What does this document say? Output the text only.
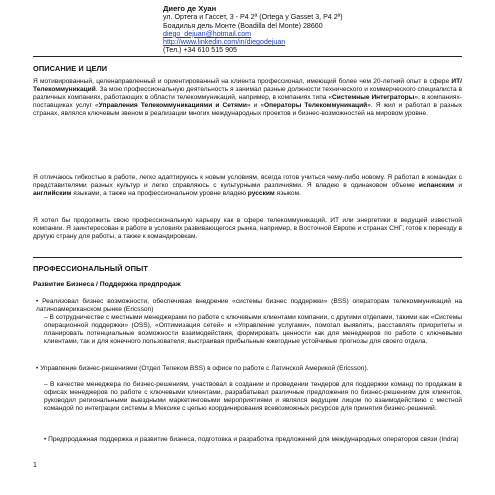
Диего де Хуан
ул. Ортега и Гассет, 3 - Р4 2ª (Ortega y Gasset 3, P4 2ª)
Боадилья дель Монте (Boadilla del Monte) 28660
diego_dejuan@hotmail.com
http://www.linkedin.com/in/diegodejuan
(Тел.) +34 610 515 905
ОПИСАНИЕ И ЦЕЛИ
Я мотивированный, целенаправленный и ориентированный на клиента профессионал, имеющий более чем 20-летний опыт в сфере ИТ/Телекоммуникаций. За мою профессиональную деятельность я занимал разные должности технического и коммерческого специалиста в различных компаниях, работающих в области телекоммуникаций, например, в компаниях типа «Системные Интеграторы», в компаниях-поставщиках услуг «Управления Телекоммуникациями и Сетями» и «Операторы Телекоммуникаций». Я жил и работал в разных странах, являлся ключевым звеном в реализации многих международных проектов и бизнес-возможностей на мировом уровне.
Я отличаюсь гибкостью в работе, легко адаптируюсь к новым условиям, всегда готов учиться чему-либо новому. Я работал в командах с представителями разных культур и легко справляюсь с культурными различиями. Я владею в одинаковом объеме испанским и английским языками, а также на профессиональном уровне владею русским языком.
Я хотел бы продолжить свою профессиональную карьеру как в сфере телекоммуникаций, ИТ или энергетики в ведущей известной компании. Я заинтересован в работе в условиях развивающегося рынка, например, в Восточной Европе и странах СНГ; готов к переезду в другую страну для работы, а также к командировкам.
ПРОФЕССИОНАЛЬНЫЙ ОПЫТ
Развитие Бизнеса / Поддержка предпродаж
• Реализовал бизнес возможности, обеспечивая внедрение «системы бизнес поддержки» (BSS) операторам телекоммуникаций на латиноамериканском рынке (Ericsson)
– В сотрудничестве с местными менеджерами по работе с ключевыми клиентами компании, с другими отделами, такими как «Системы операционной поддержки» (OSS), «Оптимизация сетей» и «Управление услугами», помогал выявлять, расставлять приоритеты и планировать потенциальные возможности взаимодействия, формировать ценности как для менеджеров по работе с ключевыми клиентами, так и для конечного пользователя, выстраивая прибыльные ежегодные устойчивые прогнозы для своего отдела.
• Управление бизнес-решениями (Отдел Телеком BSS) в офисе по работе с Латинской Америкой (Ericsson).
– В качестве менеджера по бизнес-решениям, участвовал в создании и проведении тендеров для поддержки команд по продажам в офисах менеджеров по работе с ключевыми клиентами, разрабатывал различные предложения по бизнес-решениям для клиентов, руководил региональными выездными маркетинговыми мероприятиями и являлся ведущим лицом по взаимодействию с местной командой по интеграции системы в Мексике с целью координирования всевозможных ресурсов для принятия бизнес-решений.
• Предпродажная поддержка и развитие бизнеса, подготовка и разработка предложений для международных операторов связи (Indra)
1
